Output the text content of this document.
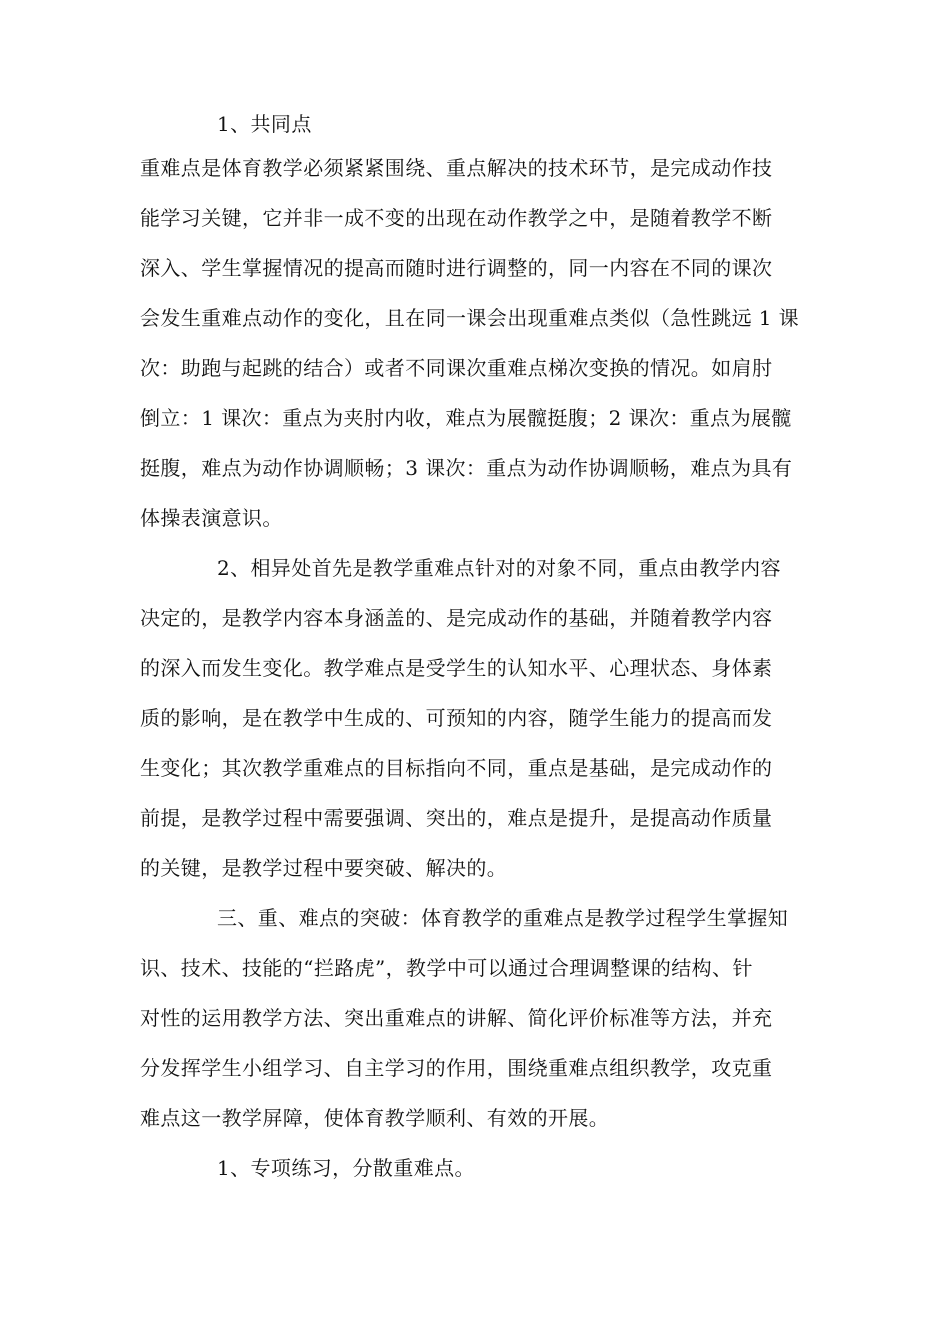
1、共同点
重难点是体育教学必须紧紧围绕、重点解决的技术环节，是完成动作技
能学习关键，它并非一成不变的出现在动作教学之中，是随着教学不断
深入、学生掌握情况的提高而随时进行调整的，同一内容在不同的课次
会发生重难点动作的变化，且在同一课会出现重难点类似（急性跳远 1 课
次：助跑与起跳的结合）或者不同课次重难点梯次变换的情况。如肩肘
倒立：1 课次：重点为夹肘内收，难点为展髋挺腹；2 课次：重点为展髋
挺腹，难点为动作协调顺畅；3 课次：重点为动作协调顺畅，难点为具有
体操表演意识。
2、相异处首先是教学重难点针对的对象不同，重点由教学内容
决定的，是教学内容本身涵盖的、是完成动作的基础，并随着教学内容
的深入而发生变化。教学难点是受学生的认知水平、心理状态、身体素
质的影响，是在教学中生成的、可预知的内容，随学生能力的提高而发
生变化；其次教学重难点的目标指向不同，重点是基础，是完成动作的
前提，是教学过程中需要强调、突出的，难点是提升，是提高动作质量
的关键，是教学过程中要突破、解决的。
三、重、难点的突破：体育教学的重难点是教学过程学生掌握知
识、技术、技能的“拦路虎”，教学中可以通过合理调整课的结构、针
对性的运用教学方法、突出重难点的讲解、简化评价标准等方法，并充
分发挥学生小组学习、自主学习的作用，围绕重难点组织教学，攻克重
难点这一教学屏障，使体育教学顺利、有效的开展。
1、专项练习，分散重难点。
